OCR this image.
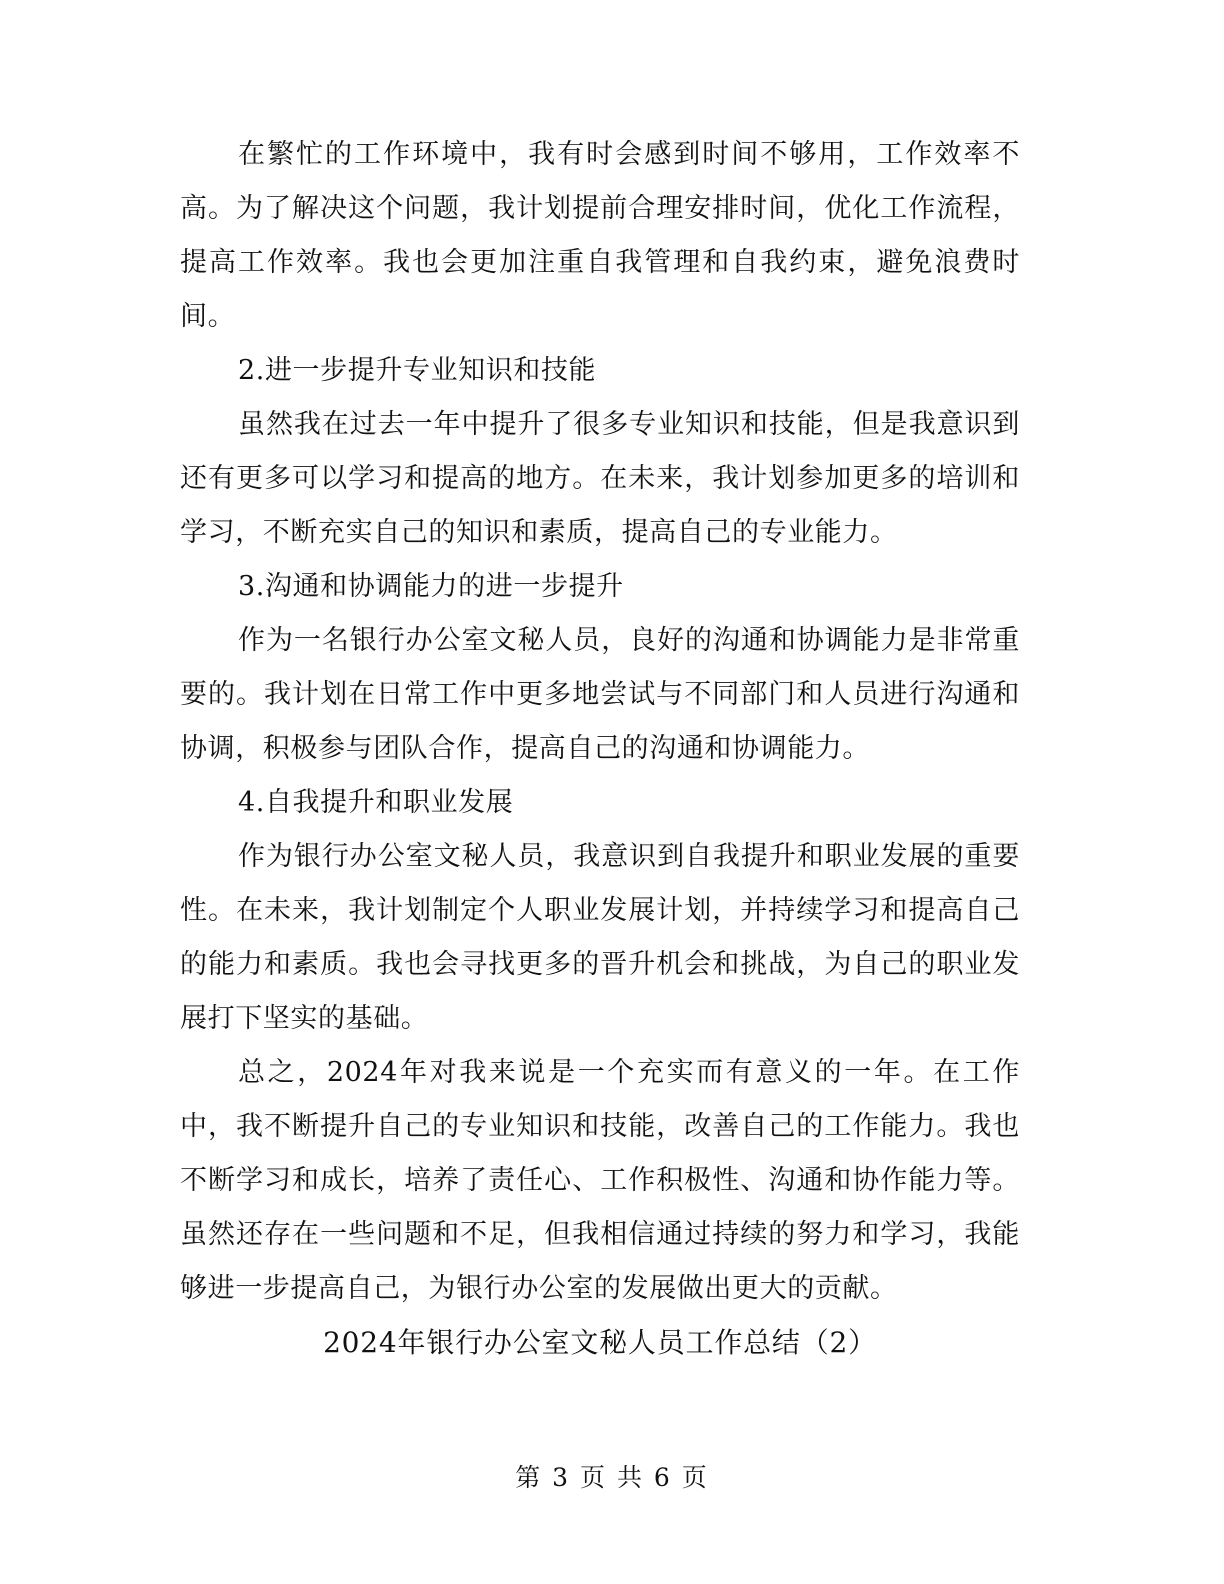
在繁忙的工作环境中，我有时会感到时间不够用，工作效率不高。为了解决这个问题，我计划提前合理安排时间，优化工作流程，提高工作效率。我也会更加注重自我管理和自我约束，避免浪费时间。

2.进一步提升专业知识和技能

虽然我在过去一年中提升了很多专业知识和技能，但是我意识到还有更多可以学习和提高的地方。在未来，我计划参加更多的培训和学习，不断充实自己的知识和素质，提高自己的专业能力。

3.沟通和协调能力的进一步提升

作为一名银行办公室文秘人员，良好的沟通和协调能力是非常重要的。我计划在日常工作中更多地尝试与不同部门和人员进行沟通和协调，积极参与团队合作，提高自己的沟通和协调能力。

4.自我提升和职业发展

作为银行办公室文秘人员，我意识到自我提升和职业发展的重要性。在未来，我计划制定个人职业发展计划，并持续学习和提高自己的能力和素质。我也会寻找更多的晋升机会和挑战，为自己的职业发展打下坚实的基础。

总之，2024年对我来说是一个充实而有意义的一年。在工作中，我不断提升自己的专业知识和技能，改善自己的工作能力。我也不断学习和成长，培养了责任心、工作积极性、沟通和协作能力等。虽然还存在一些问题和不足，但我相信通过持续的努力和学习，我能够进一步提高自己，为银行办公室的发展做出更大的贡献。

2024年银行办公室文秘人员工作总结（2）

第 3 页 共 6 页
